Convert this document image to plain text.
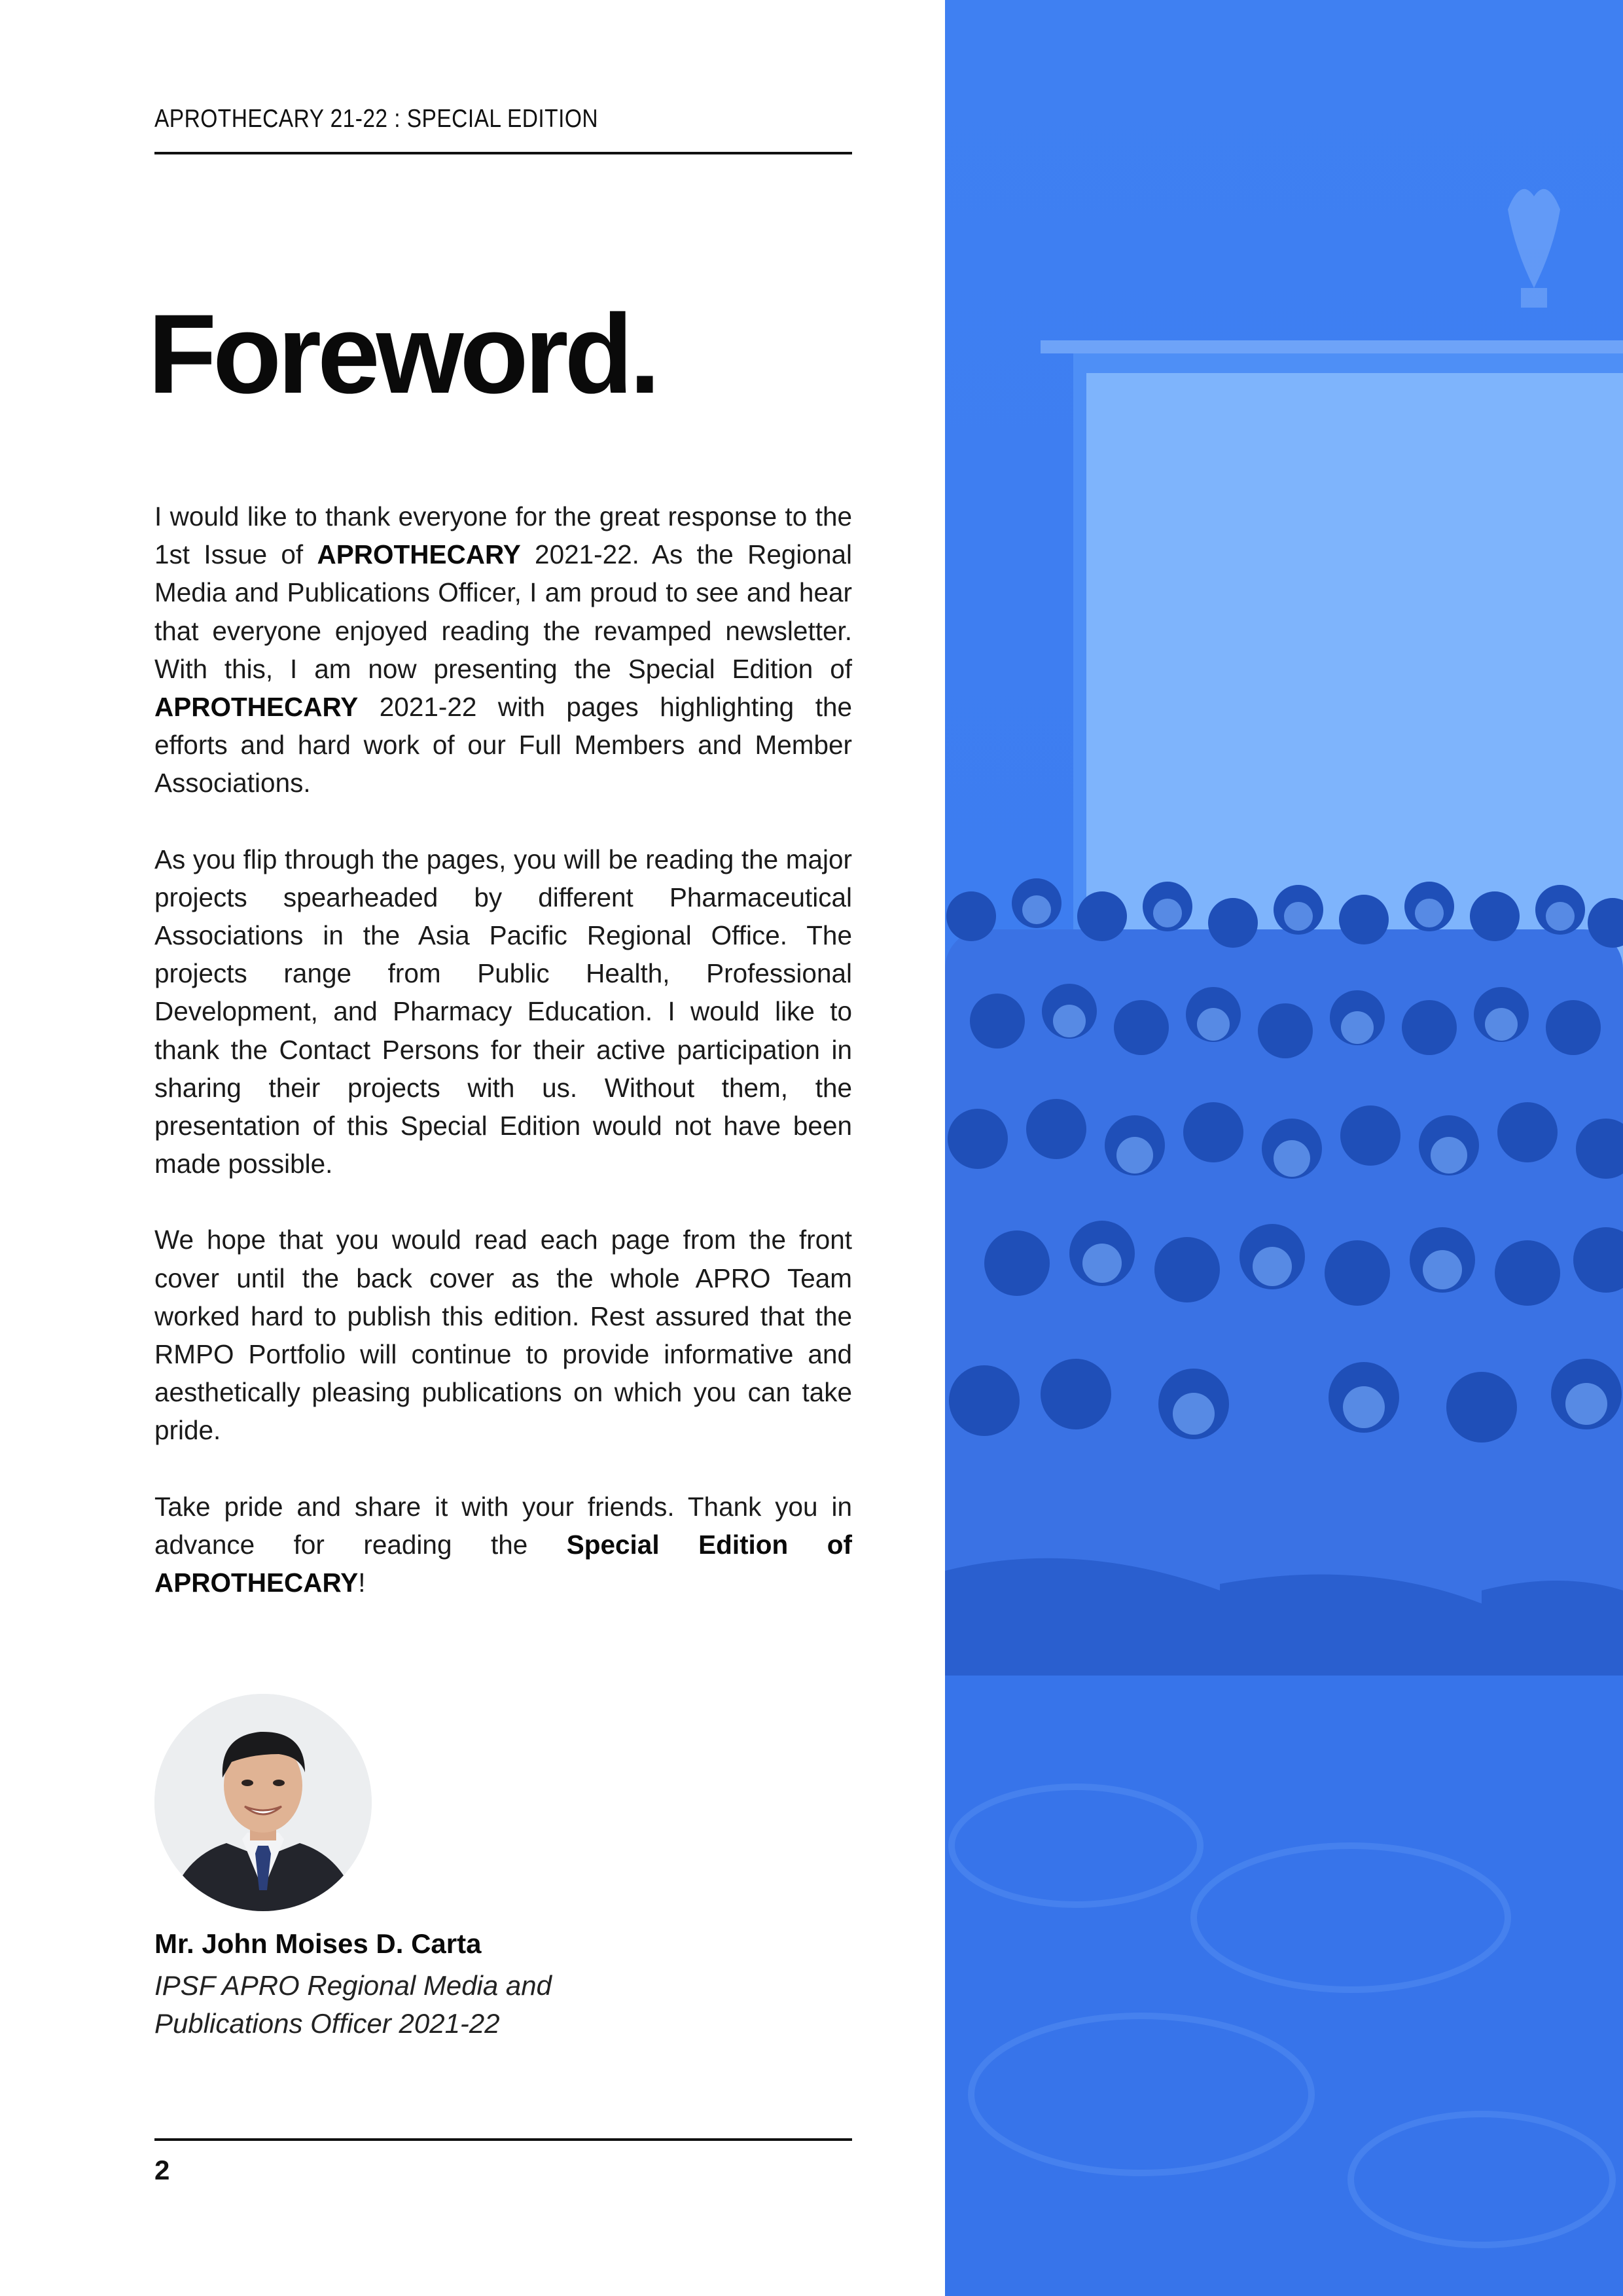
APROTHECARY 21-22 : SPECIAL EDITION
Foreword.

I would like to thank everyone for the great response to the 1st Issue of APROTHECARY 2021-22. As the Regional Media and Publications Officer, I am proud to see and hear that everyone enjoyed reading the revamped newsletter. With this, I am now presenting the Special Edition of APROTHECARY 2021-22 with pages highlighting the efforts and hard work of our Full Members and Member Associations.

As you flip through the pages, you will be reading the major projects spearheaded by different Pharmaceutical Associations in the Asia Pacific Regional Office. The projects range from Public Health, Professional Development, and Pharmacy Education. I would like to thank the Contact Persons for their active participation in sharing their projects with us. Without them, the presentation of this Special Edition would not have been made possible.

We hope that you would read each page from the front cover until the back cover as the whole APRO Team worked hard to publish this edition. Rest assured that the RMPO Portfolio will continue to provide informative and aesthetically pleasing publications on which you can take pride.

Take pride and share it with your friends. Thank you in advance for reading the Special Edition of APROTHECARY!

Mr. John Moises D. Carta
IPSF APRO Regional Media and
Publications Officer 2021-22
2
